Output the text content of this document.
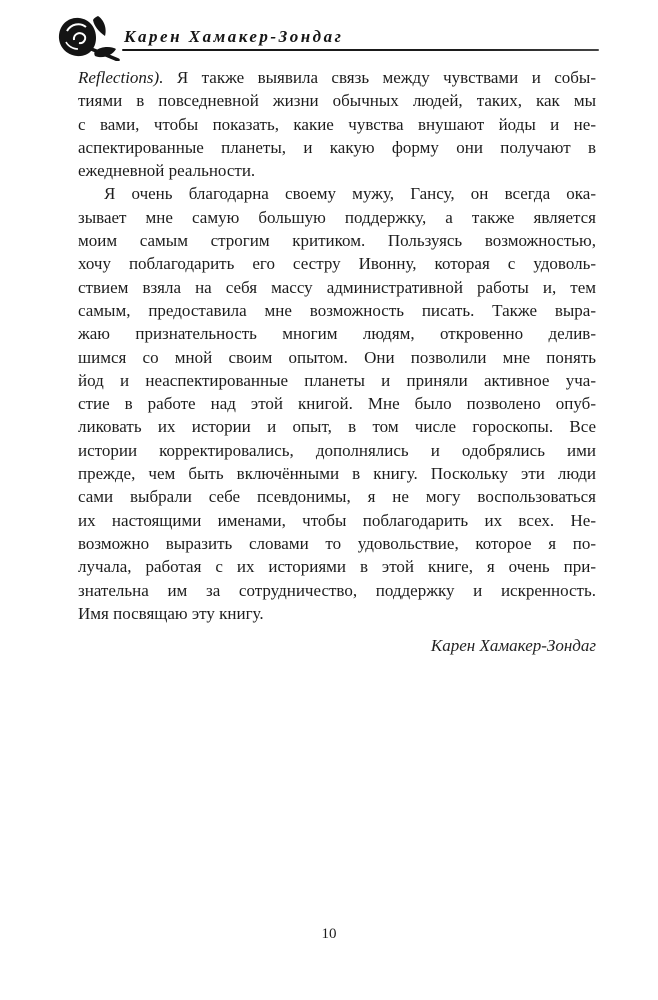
Карен Хамакер-Зондаг
Reflections). Я также выявила связь между чувствами и собы-
тиями в повседневной жизни обычных людей, таких, как мы
с вами, чтобы показать, какие чувства внушают йоды и не-
аспектированные планеты, и какую форму они получают в
ежедневной реальности.
Я очень благодарна своему мужу, Гансу, он всегда ока-
зывает мне самую большую поддержку, а также является
моим самым строгим критиком. Пользуясь возможностью,
хочу поблагодарить его сестру Ивонну, которая с удоволь-
ствием взяла на себя массу административной работы и, тем
самым, предоставила мне возможность писать. Также выра-
жаю признательность многим людям, откровенно делив-
шимся со мной своим опытом. Они позволили мне понять
йод и неаспектированные планеты и приняли активное уча-
стие в работе над этой книгой. Мне было позволено опуб-
ликовать их истории и опыт, в том числе гороскопы. Все
истории корректировались, дополнялись и одобрялись ими
прежде, чем быть включёнными в книгу. Поскольку эти люди
сами выбрали себе псевдонимы, я не могу воспользоваться
их настоящими именами, чтобы поблагодарить их всех. Не-
возможно выразить словами то удовольствие, которое я по-
лучала, работая с их историями в этой книге, я очень при-
знательна им за сотрудничество, поддержку и искренность.
Имя посвящаю эту книгу.
Карен Хамакер-Зондаг
10
